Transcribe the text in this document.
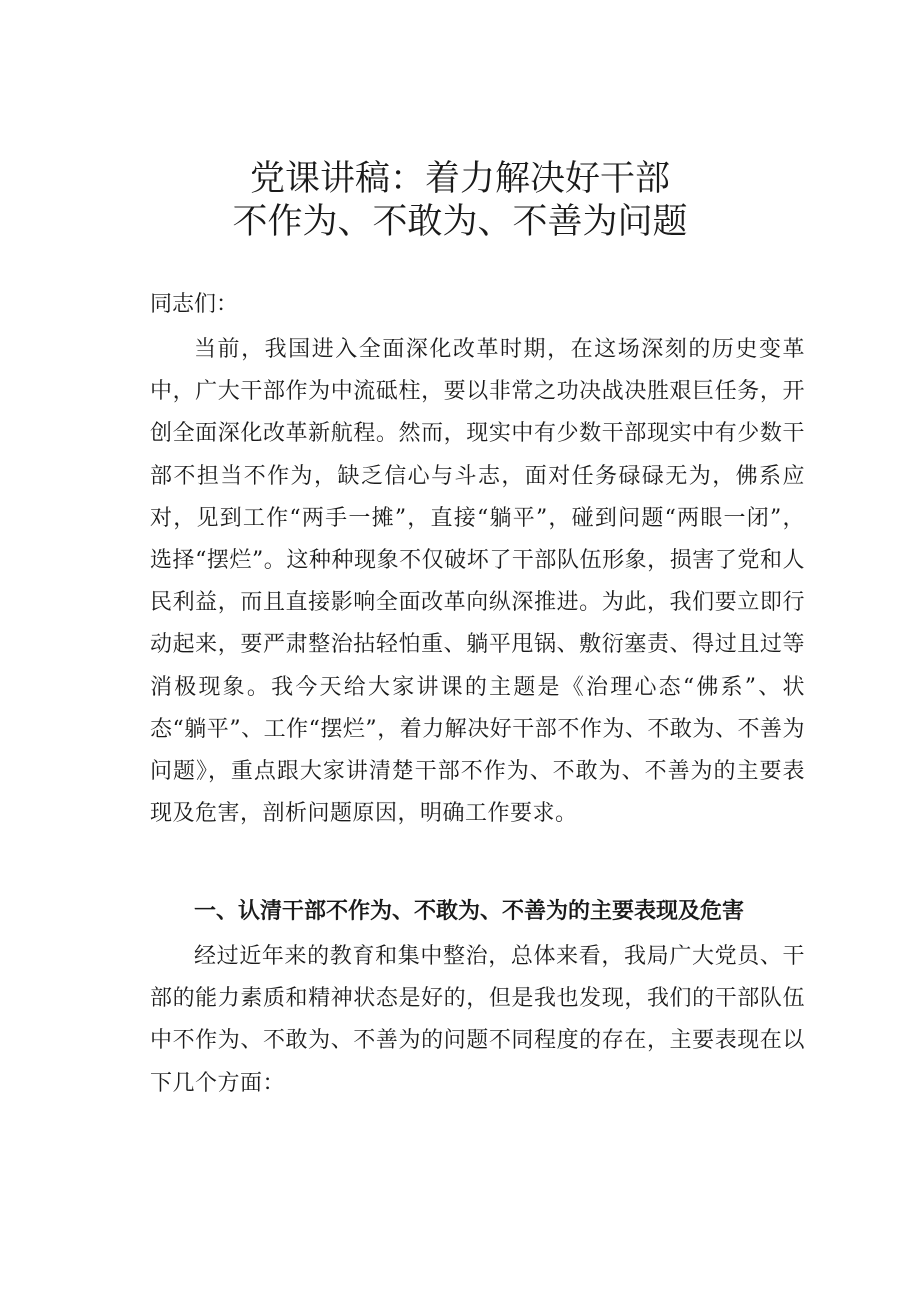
党课讲稿：着力解决好干部
不作为、不敢为、不善为问题

同志们：

当前，我国进入全面深化改革时期，在这场深刻的历史变革中，广大干部作为中流砥柱，要以非常之功决战决胜艰巨任务，开创全面深化改革新航程。然而，现实中有少数干部现实中有少数干部不担当不作为，缺乏信心与斗志，面对任务碌碌无为，佛系应对，见到工作“两手一摊”，直接“躺平”，碰到问题“两眼一闭”，选择“摆烂”。这种种现象不仅破坏了干部队伍形象，损害了党和人民利益，而且直接影响全面改革向纵深推进。为此，我们要立即行动起来，要严肃整治拈轻怕重、躺平甩锅、敷衍塞责、得过且过等消极现象。我今天给大家讲课的主题是《治理心态“佛系”、状态“躺平”、工作“摆烂”，着力解决好干部不作为、不敢为、不善为问题》，重点跟大家讲清楚干部不作为、不敢为、不善为的主要表现及危害，剖析问题原因，明确工作要求。

一、认清干部不作为、不敢为、不善为的主要表现及危害

经过近年来的教育和集中整治，总体来看，我局广大党员、干部的能力素质和精神状态是好的，但是我也发现，我们的干部队伍中不作为、不敢为、不善为的问题不同程度的存在，主要表现在以下几个方面：
